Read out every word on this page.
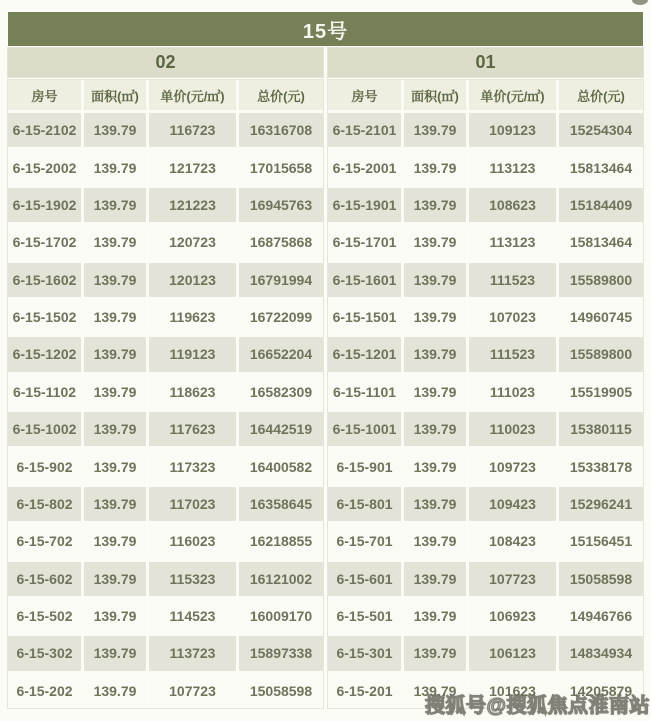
15号
02
房号	面积(㎡)	单价(元/㎡)	总价(元)
6-15-2102	139.79	116723	16316708
6-15-2002	139.79	121723	17015658
6-15-1902	139.79	121223	16945763
6-15-1702	139.79	120723	16875868
6-15-1602	139.79	120123	16791994
6-15-1502	139.79	119623	16722099
6-15-1202	139.79	119123	16652204
6-15-1102	139.79	118623	16582309
6-15-1002	139.79	117623	16442519
6-15-902	139.79	117323	16400582
6-15-802	139.79	117023	16358645
6-15-702	139.79	116023	16218855
6-15-602	139.79	115323	16121002
6-15-502	139.79	114523	16009170
6-15-302	139.79	113723	15897338
6-15-202	139.79	107723	15058598
01
房号	面积(㎡)	单价(元/㎡)	总价(元)
6-15-2101	139.79	109123	15254304
6-15-2001	139.79	113123	15813464
6-15-1901	139.79	108623	15184409
6-15-1701	139.79	113123	15813464
6-15-1601	139.79	111523	15589800
6-15-1501	139.79	107023	14960745
6-15-1201	139.79	111523	15589800
6-15-1101	139.79	111023	15519905
6-15-1001	139.79	110023	15380115
6-15-901	139.79	109723	15338178
6-15-801	139.79	109423	15296241
6-15-701	139.79	108423	15156451
6-15-601	139.79	107723	15058598
6-15-501	139.79	106923	14946766
6-15-301	139.79	106123	14834934
6-15-201	139.79	101623	14205879
搜狐号@搜狐焦点淮南站
